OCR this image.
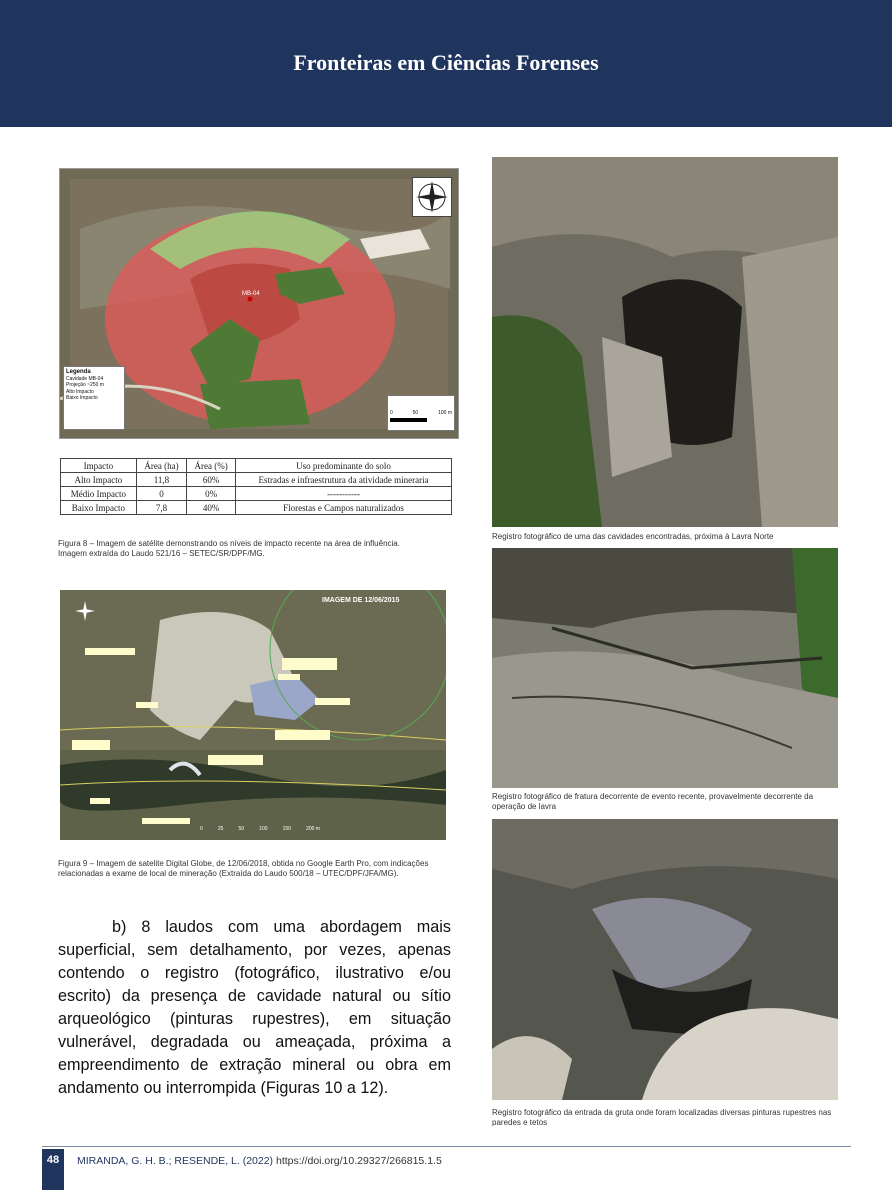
Fronteiras em Ciências Forenses
MB-04
Legenda
Cavidade MB-04
Projeção ~250 m
Alto Impacto
Baixo Impacto
0	50	100 m
Impacto	Área (ha)	Área (%)	Uso predominante do solo
Alto Impacto	11,8	60%	Estradas e infraestrutura da atividade mineraria
Médio Impacto	0	0%	-----------
Baixo Impacto	7,8	40%	Florestas e Campos naturalizados
Figura 8 – Imagem de satélite demonstrando os níveis de impacto recente na área de influência.
Imagem extraída do Laudo 521/16 – SETEC/SR/DPF/MG.
IMAGEM DE 12/06/2015
0	25	50	100	150	200 m
Figura 9 – Imagem de satelite Digital Globe, de 12/06/2018, obtida no Google Earth Pro, com indicações
relacionadas a exame de local de mineração (Extraída do Laudo 500/18 – UTEC/DPF/JFA/MG).
Registro fotográfico de uma das cavidades encontradas, próxima à Lavra Norte
Registro fotográfico de fratura decorrente de evento recente, provavelmente decorrente da
operação de lavra
Registro fotográfico da entrada da gruta onde foram localizadas diversas pinturas rupestres nas
paredes e tetos
b) 8 laudos com uma abordagem mais superficial, sem detalhamento, por vezes, apenas contendo o registro (fotográfico, ilustrativo e/ou escrito) da presença de cavidade natural ou sítio arqueológico (pinturas rupestres), em situação vulnerável, degradada ou ameaçada, próxima a empreendimento de extração mineral ou obra em andamento ou interrompida (Figuras 10 a 12).
48	MIRANDA, G. H. B.; RESENDE, L. (2022) https://doi.org/10.29327/266815.1.5
